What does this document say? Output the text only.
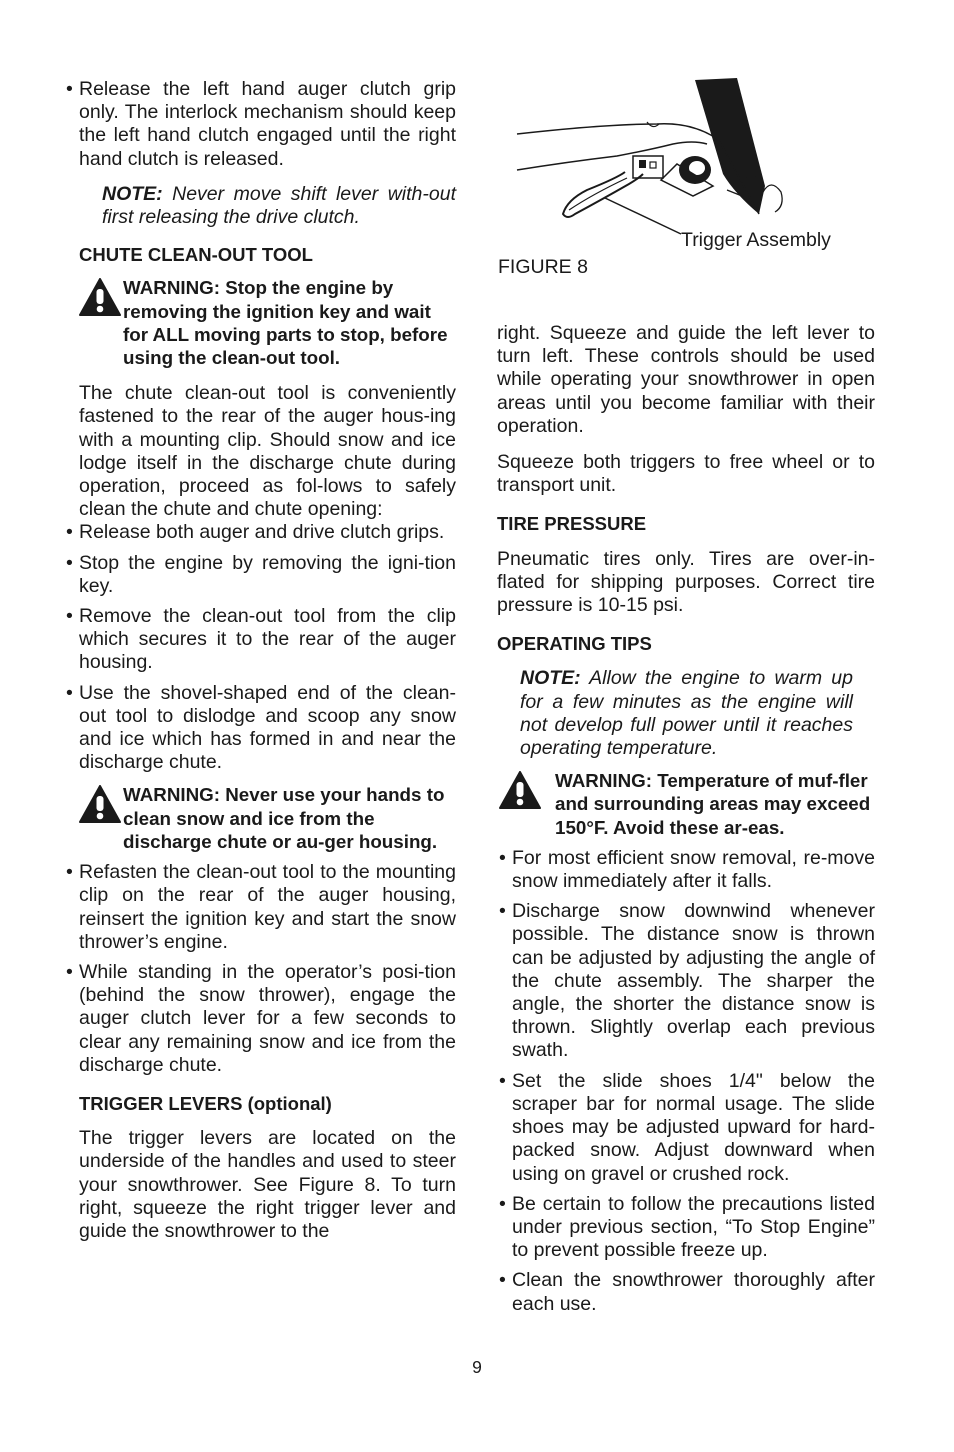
• Release the left hand auger clutch grip only. The interlock mechanism should keep the left hand clutch engaged until the right hand clutch is released.

NOTE: Never move shift lever with-out first releasing the drive clutch.

CHUTE CLEAN-OUT TOOL

WARNING: Stop the engine by removing the ignition key and wait for ALL moving parts to stop, before using the clean-out tool.

The chute clean-out tool is conveniently fastened to the rear of the auger hous-ing with a mounting clip. Should snow and ice lodge itself in the discharge chute during operation, proceed as fol-lows to safely clean the chute and chute opening:

• Release both auger and drive clutch grips.
• Stop the engine by removing the igni-tion key.
• Remove the clean-out tool from the clip which secures it to the rear of the auger housing.
• Use the shovel-shaped end of the clean-out tool to dislodge and scoop any snow and ice which has formed in and near the discharge chute.

WARNING: Never use your hands to clean snow and ice from the discharge chute or au-ger housing.

• Refasten the clean-out tool to the mounting clip on the rear of the auger housing, reinsert the ignition key and start the snow thrower’s engine.
• While standing in the operator’s posi-tion (behind the snow thrower), engage the auger clutch lever for a few seconds to clear any remaining snow and ice from the discharge chute.

TRIGGER LEVERS (optional)

The trigger levers are located on the underside of the handles and used to steer your snowthrower. See Figure 8. To turn right, squeeze the right trigger lever and guide the snowthrower to the

Trigger Assembly
FIGURE 8

right. Squeeze and guide the left lever to turn left. These controls should be used while operating your snowthrower in open areas until you become familiar with their operation.

Squeeze both triggers to free wheel or to transport unit.

TIRE PRESSURE

Pneumatic tires only. Tires are over-in-flated for shipping purposes. Correct tire pressure is 10-15 psi.

OPERATING TIPS

NOTE: Allow the engine to warm up for a few minutes as the engine will not develop full power until it reaches operating temperature.

WARNING: Temperature of muf-fler and surrounding areas may exceed 150°F. Avoid these ar-eas.

• For most efficient snow removal, re-move snow immediately after it falls.
• Discharge snow downwind whenever possible. The distance snow is thrown can be adjusted by adjusting the angle of the chute assembly. The sharper the angle, the shorter the distance snow is thrown. Slightly overlap each previous swath.
• Set the slide shoes 1/4" below the scraper bar for normal usage. The slide shoes may be adjusted upward for hard-packed snow. Adjust downward when using on gravel or crushed rock.
• Be certain to follow the precautions listed under previous section, “To Stop Engine” to prevent possible freeze up.
• Clean the snowthrower thoroughly after each use.
9
